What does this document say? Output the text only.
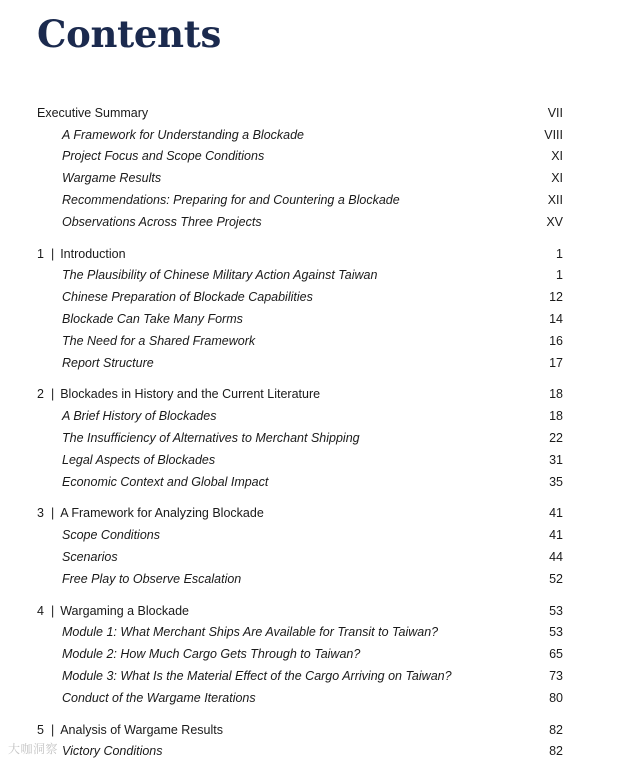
Contents
Executive Summary	VII
A Framework for Understanding a Blockade	VIII
Project Focus and Scope Conditions	XI
Wargame Results	XI
Recommendations: Preparing for and Countering a Blockade	XII
Observations Across Three Projects	XV
1 | Introduction	1
The Plausibility of Chinese Military Action Against Taiwan	1
Chinese Preparation of Blockade Capabilities	12
Blockade Can Take Many Forms	14
The Need for a Shared Framework	16
Report Structure	17
2 | Blockades in History and the Current Literature	18
A Brief History of Blockades	18
The Insufficiency of Alternatives to Merchant Shipping	22
Legal Aspects of Blockades	31
Economic Context and Global Impact	35
3 | A Framework for Analyzing Blockade	41
Scope Conditions	41
Scenarios	44
Free Play to Observe Escalation	52
4 | Wargaming a Blockade	53
Module 1: What Merchant Ships Are Available for Transit to Taiwan?	53
Module 2: How Much Cargo Gets Through to Taiwan?	65
Module 3: What Is the Material Effect of the Cargo Arriving on Taiwan?	73
Conduct of the Wargame Iterations	80
5 | Analysis of Wargame Results	82
Victory Conditions	82
大咖洞察
